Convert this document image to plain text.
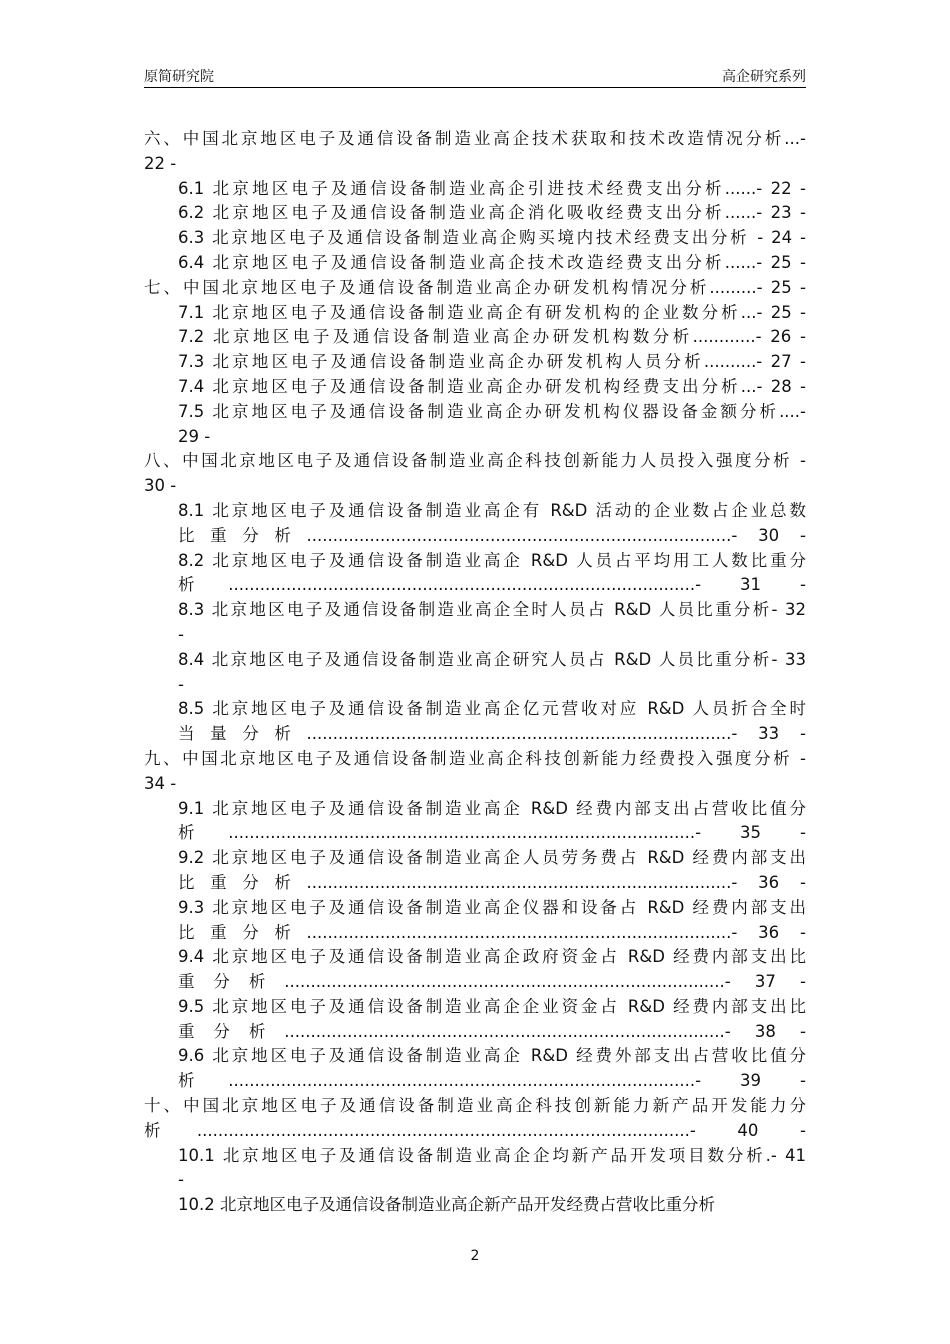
原简研究院	高企研究系列
六、中国北京地区电子及通信设备制造业高企技术获取和技术改造情况分析...-
22 -
6.1 北京地区电子及通信设备制造业高企引进技术经费支出分析......- 22 -
6.2 北京地区电子及通信设备制造业高企消化吸收经费支出分析......- 23 -
6.3 北京地区电子及通信设备制造业高企购买境内技术经费支出分析 - 24 -
6.4 北京地区电子及通信设备制造业高企技术改造经费支出分析......- 25 -
七、中国北京地区电子及通信设备制造业高企办研发机构情况分析.........- 25 -
7.1 北京地区电子及通信设备制造业高企有研发机构的企业数分析...- 25 -
7.2 北京地区电子及通信设备制造业高企办研发机构数分析............- 26 -
7.3 北京地区电子及通信设备制造业高企办研发机构人员分析..........- 27 -
7.4 北京地区电子及通信设备制造业高企办研发机构经费支出分析...- 28 -
7.5 北京地区电子及通信设备制造业高企办研发机构仪器设备金额分析....-
29 -
八、中国北京地区电子及通信设备制造业高企科技创新能力人员投入强度分析 -
30 -
8.1 北京地区电子及通信设备制造业高企有 R&D 活动的企业数占企业总数
比重分析.................................................................................- 30 -
8.2 北京地区电子及通信设备制造业高企 R&D 人员占平均用工人数比重分
析.........................................................................................- 31 -
8.3 北京地区电子及通信设备制造业高企全时人员占 R&D 人员比重分析- 32
-
8.4 北京地区电子及通信设备制造业高企研究人员占 R&D 人员比重分析- 33
-
8.5 北京地区电子及通信设备制造业高企亿元营收对应 R&D 人员折合全时
当量分析.................................................................................- 33 -
九、中国北京地区电子及通信设备制造业高企科技创新能力经费投入强度分析 -
34 -
9.1 北京地区电子及通信设备制造业高企 R&D 经费内部支出占营收比值分
析.........................................................................................- 35 -
9.2 北京地区电子及通信设备制造业高企人员劳务费占 R&D 经费内部支出
比重分析.................................................................................- 36 -
9.3 北京地区电子及通信设备制造业高企仪器和设备占 R&D 经费内部支出
比重分析.................................................................................- 36 -
9.4 北京地区电子及通信设备制造业高企政府资金占 R&D 经费内部支出比
重分析....................................................................................- 37 -
9.5 北京地区电子及通信设备制造业高企企业资金占 R&D 经费内部支出比
重分析....................................................................................- 38 -
9.6 北京地区电子及通信设备制造业高企 R&D 经费外部支出占营收比值分
析.........................................................................................- 39 -
十、中国北京地区电子及通信设备制造业高企科技创新能力新产品开发能力分
析..............................................................................................- 40 -
10.1 北京地区电子及通信设备制造业高企企均新产品开发项目数分析.- 41
-
10.2 北京地区电子及通信设备制造业高企新产品开发经费占营收比重分析
2
